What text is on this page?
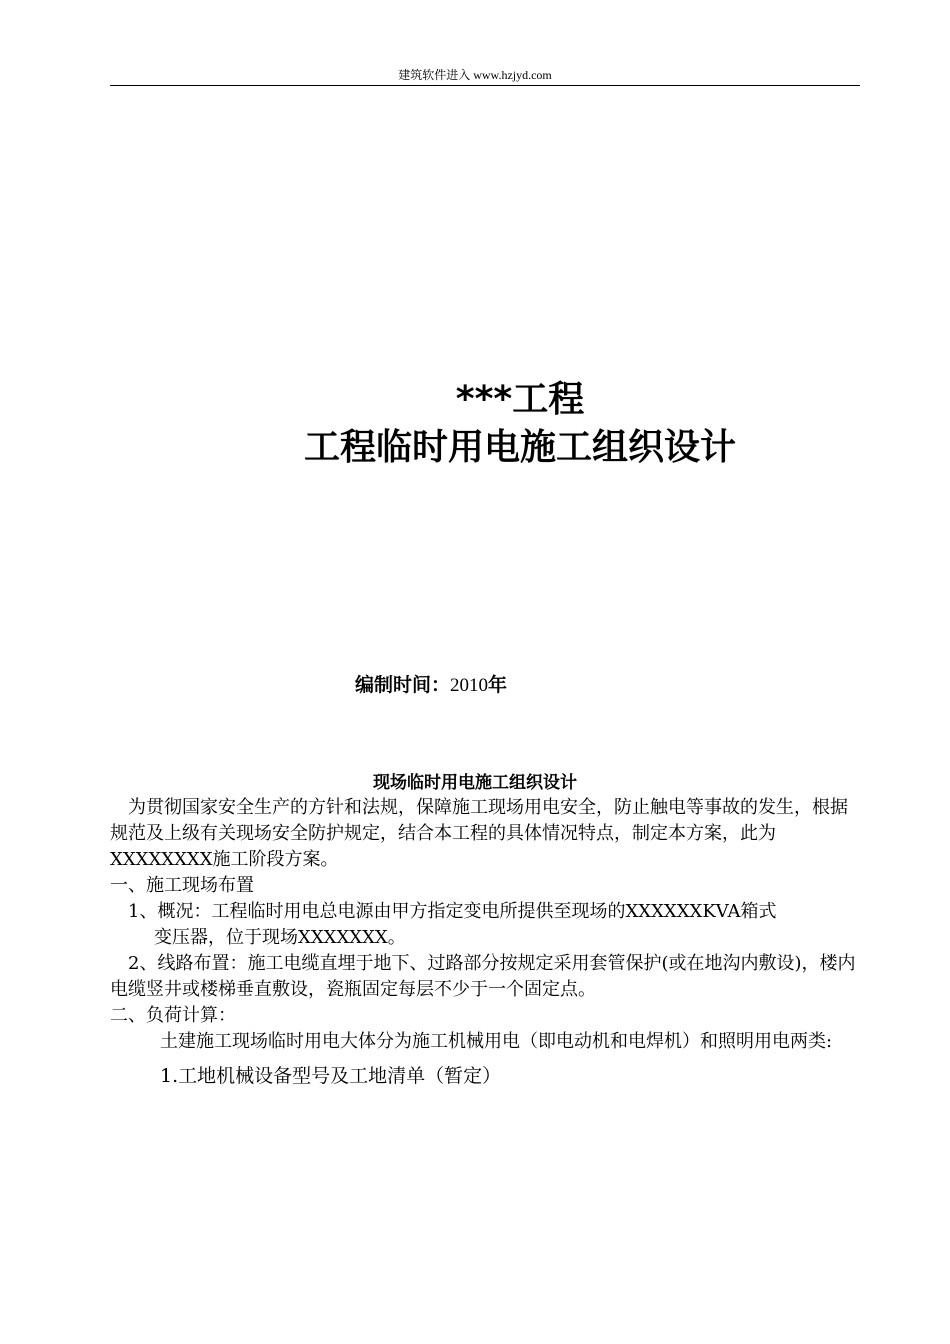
建筑软件进入 www.hzjyd.com
***工程
工程临时用电施工组织设计
编制时间：2010年
现场临时用电施工组织设计

为贯彻国家安全生产的方针和法规，保障施工现场用电安全，防止触电等事故的发生，根据规范及上级有关现场安全防护规定，结合本工程的具体情况特点，制定本方案，此为XXXXXXXX施工阶段方案。

一、施工现场布置

1、概况：工程临时用电总电源由甲方指定变电所提供至现场的XXXXXXKVA箱式

变压器，位于现场XXXXXXX。

2、线路布置：施工电缆直埋于地下、过路部分按规定采用套管保护(或在地沟内敷设)，楼内电缆竖井或楼梯垂直敷设，瓷瓶固定每层不少于一个固定点。

二、负荷计算：

土建施工现场临时用电大体分为施工机械用电（即电动机和电焊机）和照明用电两类:

1.工地机械设备型号及工地清单（暂定）
